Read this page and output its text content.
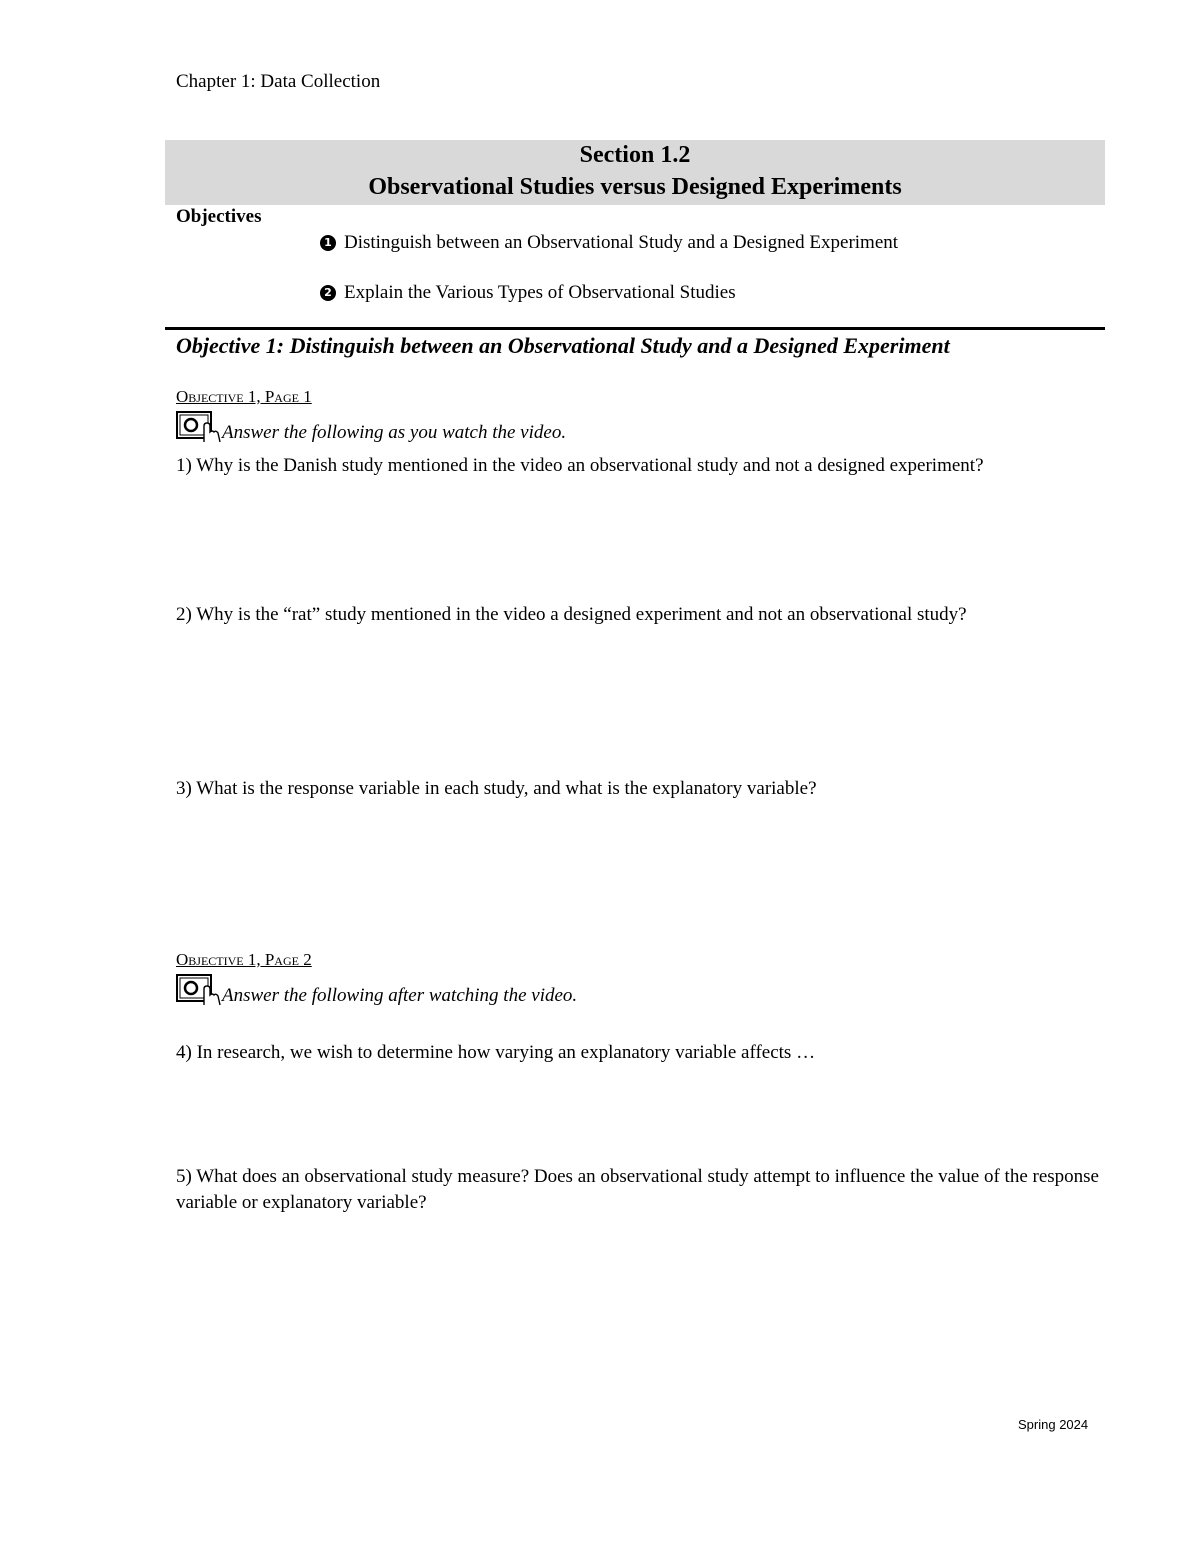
Chapter 1: Data Collection
Section 1.2
Observational Studies versus Designed Experiments
Objectives
1 Distinguish between an Observational Study and a Designed Experiment
2 Explain the Various Types of Observational Studies
Objective 1: Distinguish between an Observational Study and a Designed Experiment
Objective 1, Page 1
Answer the following as you watch the video.
1) Why is the Danish study mentioned in the video an observational study and not a designed experiment?
2) Why is the “rat” study mentioned in the video a designed experiment and not an observational study?
3) What is the response variable in each study, and what is the explanatory variable?
Objective 1, Page 2
Answer the following after watching the video.
4) In research, we wish to determine how varying an explanatory variable affects …
5) What does an observational study measure? Does an observational study attempt to influence the value of the response variable or explanatory variable?
Spring 2024
